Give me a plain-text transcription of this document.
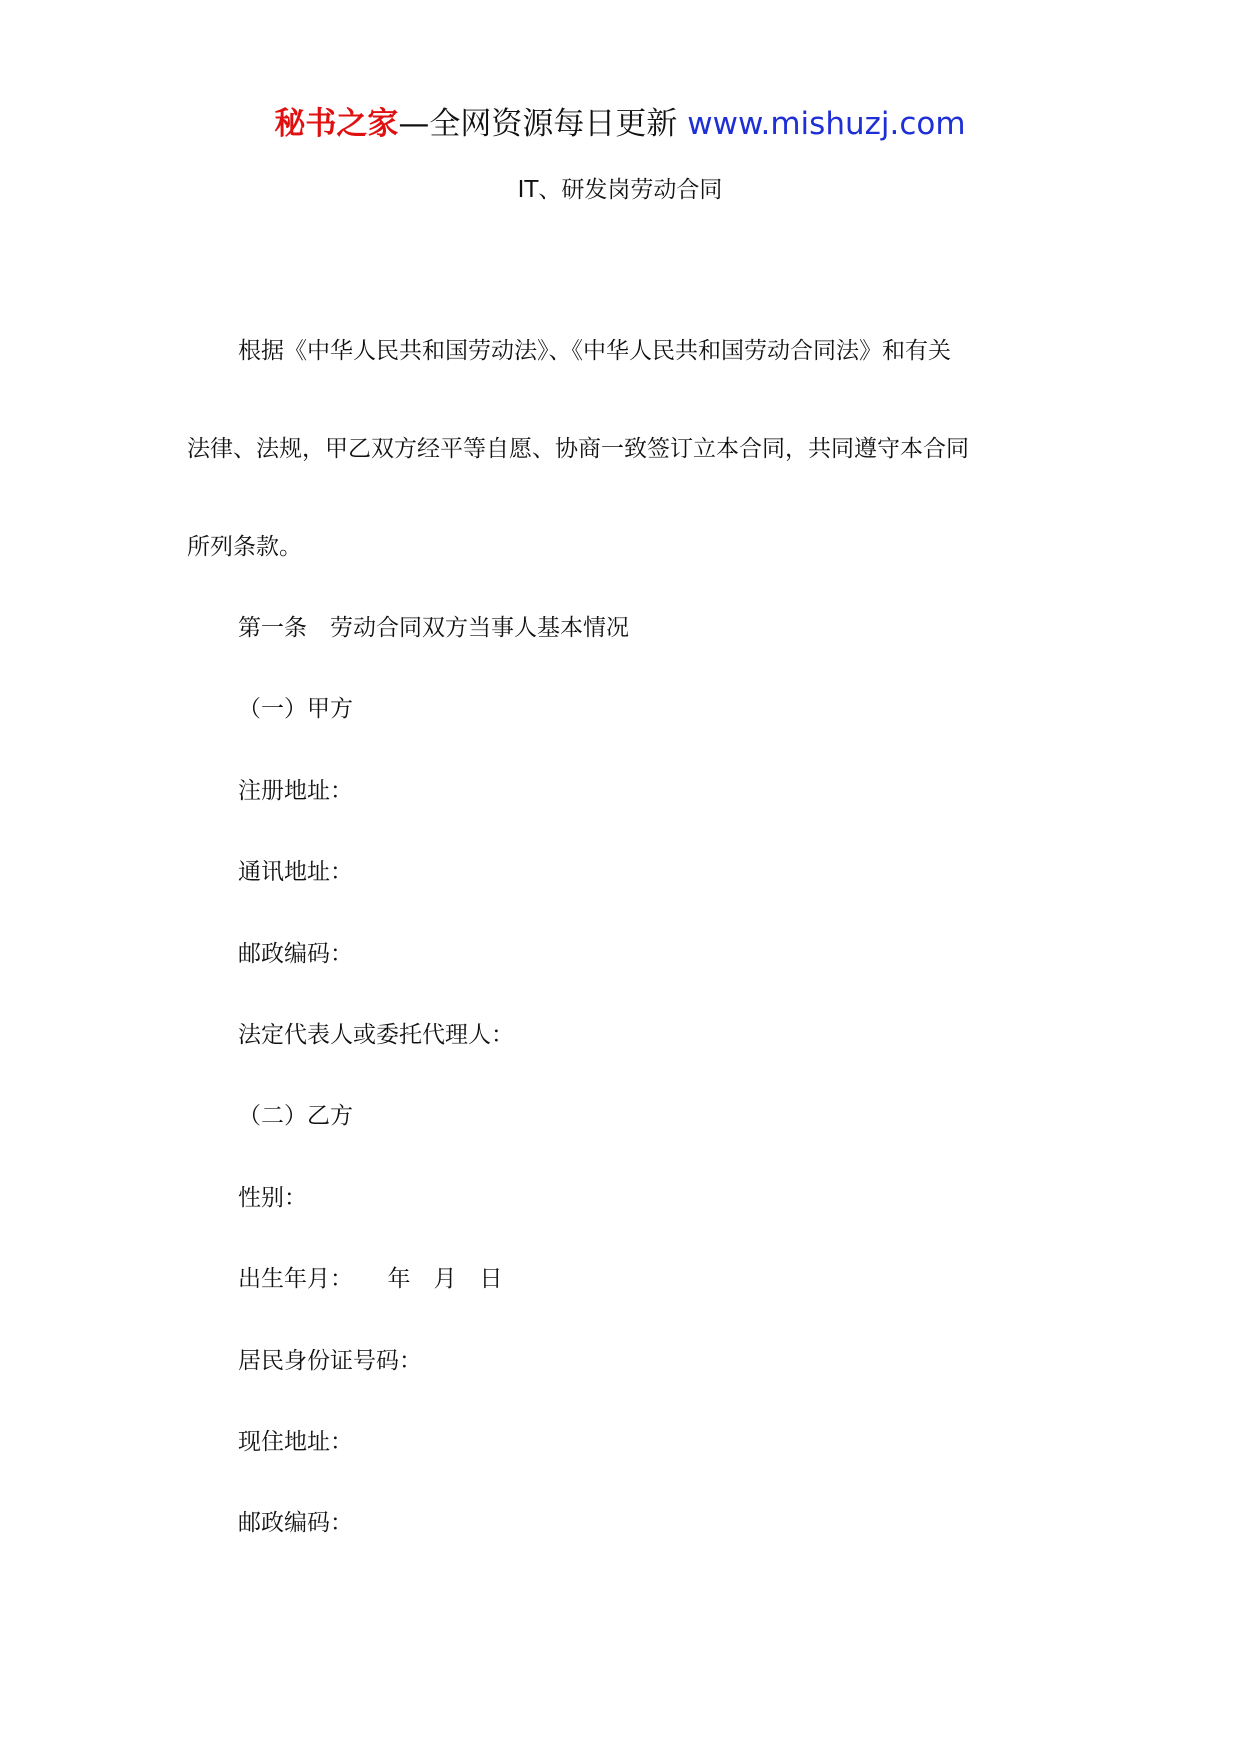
秘书之家—全网资源每日更新 www.mishuzj.com
IT、研发岗劳动合同
根据《中华人民共和国劳动法》、《中华人民共和国劳动合同法》和有关
法律、法规，甲乙双方经平等自愿、协商一致签订立本合同，共同遵守本合同
所列条款。
第一条　劳动合同双方当事人基本情况
（一）甲方
注册地址：
通讯地址：
邮政编码：
法定代表人或委托代理人：
（二）乙方
性别：
出生年月：　　年　月　日
居民身份证号码：
现住地址：
邮政编码：
